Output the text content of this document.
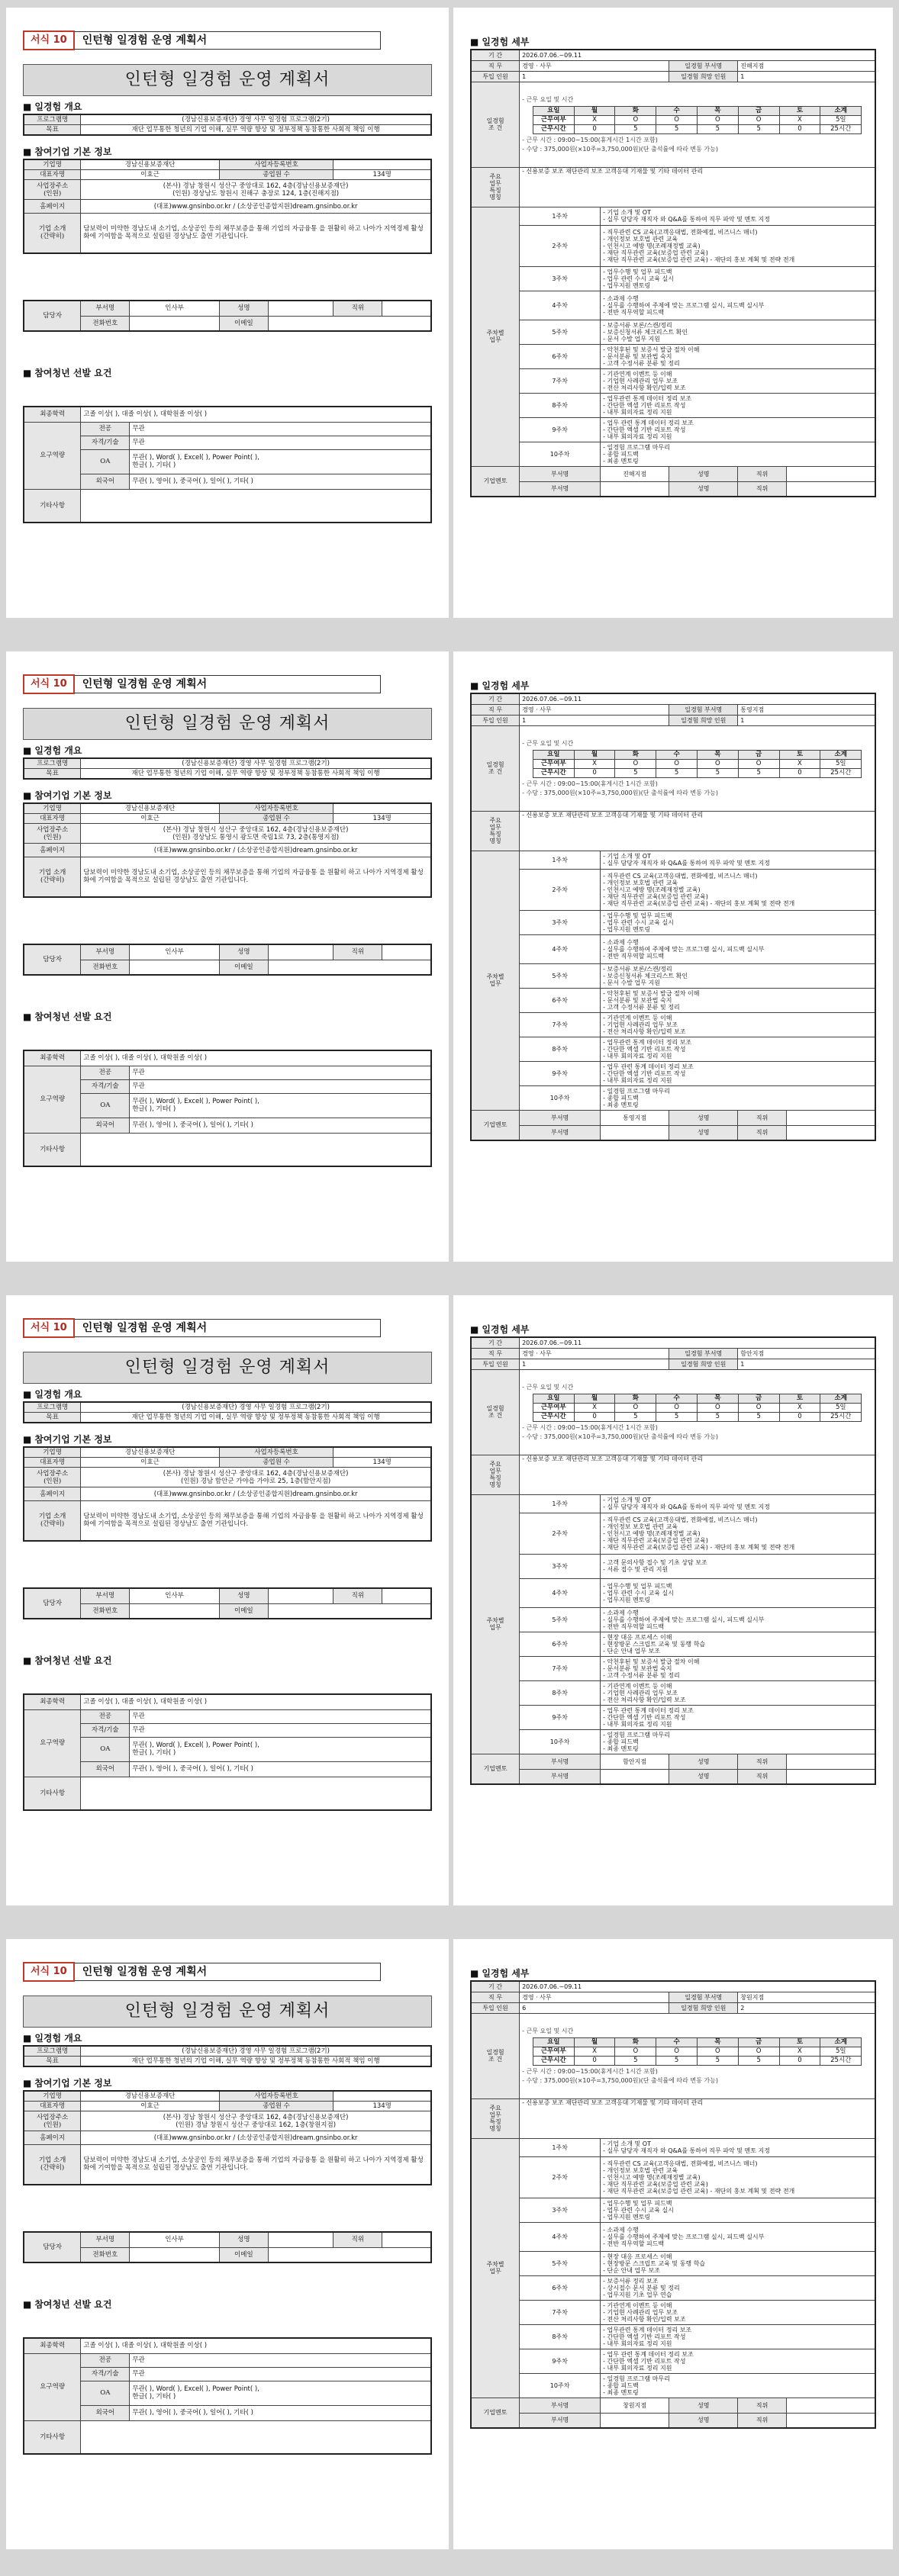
서식 10	인턴형 일경험 운영 계획서
인턴형 일경험 운영 계획서
■ 일경험 개요
프로그램명	(경남신용보증재단) 경영 사무 일경험 프로그램(2기)
목표	재단 업무통한 청년의 기업 이해, 실무 역량 향상 및 정부정책 동참통한 사회적 책임 이행
■ 참여기업 기본 정보
기업명	경남신용보증재단	사업자등록번호	
대표자명	이효근	종업원 수	134명
사업장주소
(인원)	(본사) 경남 창원시 성산구 중앙대로 162, 4층(경남신용보증재단)
(인원) 경상남도 창원시 진해구 충장로 124, 1층(진해지점)		
홈페이지	(대표)www.gnsinbo.or.kr / (소상공인종합지원)dream.gnsinbo.or.kr		
기업 소개
(간략히)	담보력이 미약한 경남도내 소기업, 소상공인 등의 채무보증을 통해 기업의 자금융통 을 원활히 하고 나아가 지역경제 활성화에 기여함을 목적으로 설립된 경상남도 출연 기관입니다.		
담당자	부서명	인사부	성명		직위	
	전화번호		이메일			
■ 참여청년 선발 요건
최종학력	고졸 이상( ), 대졸 이상( ), 대학원졸 이상( )	
요구역량	전공	무관
	자격/기술	무관
	OA	무관( ), Word( ), Excel( ), Power Point( ),
한글( ), 기타( )
	외국어	무관( ), 영어( ), 중국어( ), 일어( ), 기타( )
기타사항		
■ 일경험 세부
기 간	2026.07.06.~09.11
직 무	경영 · 사무	일경험 부서명	진해지점
투입 인원	1	일경험 희망 인원	1
일경험
조 건	
- 근무 요일 및 시간
요일	월	화	수	목	금	토	소계
근무여부	X	O	O	O	O	X	5일
근무시간	0	5	5	5	5	0	25시간
- 근무 시간 : 09:00~15:00(휴게시간 1시간 포함)
- 수당 : 375,000원(×10주=3,750,000원)(단 출석률에 따라 변동 가능)

주요
업무
특징
명칭	- 신용보증 보조 재단관리 보조 고객응대 기재물 및 기타 데이터 관리
주차별
업무	1주차	- 기업 소개 및 OT
- 실무 담당자 재직자 와 Q&A를 통하여 직무 파악 및 멘토 지정
2주차	- 직무관련 CS 교육(고객응대법, 전화예절, 비즈니스 매너)
- 개인정보 보호법 관련 교육
- 인천시고 예방 명(조례재정별 교육)
- 재단 직무관련 교육(보증업 관련 교육)
- 재단 직무관련 교육(보증업 관련 교육) - 재단의 홍보 계획 및 전략 전개
3주차	- 업무수행 및 업무 피드백
- 업무 관련 수시 교육 실시
- 업무지원 멘토링
4주차	- 소과제 수행
- 실무를 수행하여 주제에 맞는 프로그램 실시, 피드백 실시부
- 전반 직무역할 피드백
5주차	- 보증서류 보론/스캔/정리
- 보증신청서류 체크리스트 확인
- 문서 수발 업무 지원
6주차	- 악천후된 및 보증서 발급 절차 이해
- 문서분류 및 보관법 숙지
- 고객 수정서류 분류 및 정리
7주차	- 기관연계 이벤트 등 이해
- 기업현 사례관리 업무 보조
- 전산 처리사항 확인/입력 보조
8주차	- 업무관련 통계 데이터 정리 보조
- 간단한 엑셀 기반 리포트 작성
- 내부 회의자료 정리 지원
9주차	- 업무 관련 통계 데이터 정리 보조
- 간단한 엑셀 기반 리포트 작성
- 내부 회의자료 정리 지원
10주차	- 일경험 프로그램 마무리
- 종합 피드백
- 최종 멘토링
기업멘토	부서명	진해지점	성명	직위	
부서명		성명	직위	
서식 10	인턴형 일경험 운영 계획서
인턴형 일경험 운영 계획서
■ 일경험 개요
프로그램명	(경남신용보증재단) 경영 사무 일경험 프로그램(2기)
목표	재단 업무통한 청년의 기업 이해, 실무 역량 향상 및 정부정책 동참통한 사회적 책임 이행
■ 참여기업 기본 정보
기업명	경남신용보증재단	사업자등록번호	
대표자명	이효근	종업원 수	134명
사업장주소
(인원)	(본사) 경남 창원시 성산구 중앙대로 162, 4층(경남신용보증재단)
(인원) 경상남도 통영시 광도면 죽림1로 73, 2층(통영지점)		
홈페이지	(대표)www.gnsinbo.or.kr / (소상공인종합지원)dream.gnsinbo.or.kr		
기업 소개
(간략히)	담보력이 미약한 경남도내 소기업, 소상공인 등의 채무보증을 통해 기업의 자금융통 을 원활히 하고 나아가 지역경제 활성화에 기여함을 목적으로 설립된 경상남도 출연 기관입니다.		
담당자	부서명	인사부	성명		직위	
	전화번호		이메일			
■ 참여청년 선발 요건
최종학력	고졸 이상( ), 대졸 이상( ), 대학원졸 이상( )	
요구역량	전공	무관
	자격/기술	무관
	OA	무관( ), Word( ), Excel( ), Power Point( ),
한글( ), 기타( )
	외국어	무관( ), 영어( ), 중국어( ), 일어( ), 기타( )
기타사항		
■ 일경험 세부
기 간	2026.07.06.~09.11
직 무	경영 · 사무	일경험 부서명	통영지점
투입 인원	1	일경험 희망 인원	1
일경험
조 건	
- 근무 요일 및 시간
요일	월	화	수	목	금	토	소계
근무여부	X	O	O	O	O	X	5일
근무시간	0	5	5	5	5	0	25시간
- 근무 시간 : 09:00~15:00(휴게시간 1시간 포함)
- 수당 : 375,000원(×10주=3,750,000원)(단 출석률에 따라 변동 가능)

주요
업무
특징
명칭	- 신용보증 보조 재단관리 보조 고객응대 기재물 및 기타 데이터 관리
주차별
업무	1주차	- 기업 소개 및 OT
- 실무 담당자 재직자 와 Q&A를 통하여 직무 파악 및 멘토 지정
2주차	- 직무관련 CS 교육(고객응대법, 전화예절, 비즈니스 매너)
- 개인정보 보호법 관련 교육
- 인천시고 예방 명(조례재정별 교육)
- 재단 직무관련 교육(보증업 관련 교육)
- 재단 직무관련 교육(보증업 관련 교육) - 재단의 홍보 계획 및 전략 전개
3주차	- 업무수행 및 업무 피드백
- 업무 관련 수시 교육 실시
- 업무지원 멘토링
4주차	- 소과제 수행
- 실무를 수행하여 주제에 맞는 프로그램 실시, 피드백 실시부
- 전반 직무역할 피드백
5주차	- 보증서류 보론/스캔/정리
- 보증신청서류 체크리스트 확인
- 문서 수발 업무 지원
6주차	- 악천후된 및 보증서 발급 절차 이해
- 문서분류 및 보관법 숙지
- 고객 수정서류 분류 및 정리
7주차	- 기관연계 이벤트 등 이해
- 기업현 사례관리 업무 보조
- 전산 처리사항 확인/입력 보조
8주차	- 업무관련 통계 데이터 정리 보조
- 간단한 엑셀 기반 리포트 작성
- 내부 회의자료 정리 지원
9주차	- 업무 관련 통계 데이터 정리 보조
- 간단한 엑셀 기반 리포트 작성
- 내부 회의자료 정리 지원
10주차	- 일경험 프로그램 마무리
- 종합 피드백
- 최종 멘토링
기업멘토	부서명	통영지점	성명	직위	
부서명		성명	직위	
서식 10	인턴형 일경험 운영 계획서
인턴형 일경험 운영 계획서
■ 일경험 개요
프로그램명	(경남신용보증재단) 경영 사무 일경험 프로그램(2기)
목표	재단 업무통한 청년의 기업 이해, 실무 역량 향상 및 정부정책 동참통한 사회적 책임 이행
■ 참여기업 기본 정보
기업명	경남신용보증재단	사업자등록번호	
대표자명	이효근	종업원 수	134명
사업장주소
(인원)	(본사) 경남 창원시 성산구 중앙대로 162, 4층(경남신용보증재단)
(인원) 경남 함안군 가야읍 가야로 25, 1층(함안지점)		
홈페이지	(대표)www.gnsinbo.or.kr / (소상공인종합지원)dream.gnsinbo.or.kr		
기업 소개
(간략히)	담보력이 미약한 경남도내 소기업, 소상공인 등의 채무보증을 통해 기업의 자금융통 을 원활히 하고 나아가 지역경제 활성화에 기여함을 목적으로 설립된 경상남도 출연 기관입니다.		
담당자	부서명	인사부	성명		직위	
	전화번호		이메일			
■ 참여청년 선발 요건
최종학력	고졸 이상( ), 대졸 이상( ), 대학원졸 이상( )	
요구역량	전공	무관
	자격/기술	무관
	OA	무관( ), Word( ), Excel( ), Power Point( ),
한글( ), 기타( )
	외국어	무관( ), 영어( ), 중국어( ), 일어( ), 기타( )
기타사항		
■ 일경험 세부
기 간	2026.07.06.~09.11
직 무	경영 · 사무	일경험 부서명	함안지점
투입 인원	1	일경험 희망 인원	1
일경험
조 건	
- 근무 요일 및 시간
요일	월	화	수	목	금	토	소계
근무여부	X	O	O	O	O	X	5일
근무시간	0	5	5	5	5	0	25시간
- 근무 시간 : 09:00~15:00(휴게시간 1시간 포함)
- 수당 : 375,000원(×10주=3,750,000원)(단 출석률에 따라 변동 가능)

주요
업무
특징
명칭	- 신용보증 보조 재단관리 보조 고객응대 기재물 및 기타 데이터 관리
주차별
업무	1주차	- 기업 소개 및 OT
- 실무 담당자 재직자 와 Q&A를 통하여 직무 파악 및 멘토 지정
2주차	- 직무관련 CS 교육(고객응대법, 전화예절, 비즈니스 매너)
- 개인정보 보호법 관련 교육
- 인천시고 예방 명(조례재정별 교육)
- 재단 직무관련 교육(보증업 관련 교육)
- 재단 직무관련 교육(보증업 관련 교육) - 재단의 홍보 계획 및 전략 전개
3주차	- 고객 문의사항 접수 및 기초 상담 보조
- 서류 접수 및 관리 지원
4주차	- 업무수행 및 업무 피드백
- 업무 관련 수시 교육 실시
- 업무지원 멘토링
5주차	- 소과제 수행
- 실무를 수행하여 주제에 맞는 프로그램 실시, 피드백 실시부
- 전반 직무역할 피드백
6주차	- 현장 대응 프로세스 이해
- 현장방문 스크립트 교육 및 동행 학습
- 단순 안내 업무 보조
7주차	- 악천후된 및 보증서 발급 절차 이해
- 문서분류 및 보관법 숙지
- 고객 수정서류 분류 및 정리
8주차	- 기관연계 이벤트 등 이해
- 기업현 사례관리 업무 보조
- 전산 처리사항 확인/입력 보조
9주차	- 업무 관련 통계 데이터 정리 보조
- 간단한 엑셀 기반 리포트 작성
- 내부 회의자료 정리 지원
10주차	- 일경험 프로그램 마무리
- 종합 피드백
- 최종 멘토링
기업멘토	부서명	함안지점	성명	직위	
부서명		성명	직위	
서식 10	인턴형 일경험 운영 계획서
인턴형 일경험 운영 계획서
■ 일경험 개요
프로그램명	(경남신용보증재단) 경영 사무 일경험 프로그램(2기)
목표	재단 업무통한 청년의 기업 이해, 실무 역량 향상 및 정부정책 동참통한 사회적 책임 이행
■ 참여기업 기본 정보
기업명	경남신용보증재단	사업자등록번호	
대표자명	이효근	종업원 수	134명
사업장주소
(인원)	(본사) 경남 창원시 성산구 중앙대로 162, 4층(경남신용보증재단)
(인원) 경남 창원시 성산구 중앙대로 162, 1층(창원지점)		
홈페이지	(대표)www.gnsinbo.or.kr / (소상공인종합지원)dream.gnsinbo.or.kr		
기업 소개
(간략히)	담보력이 미약한 경남도내 소기업, 소상공인 등의 채무보증을 통해 기업의 자금융통 을 원활히 하고 나아가 지역경제 활성화에 기여함을 목적으로 설립된 경상남도 출연 기관입니다.		
담당자	부서명	인사부	성명		직위	
	전화번호		이메일			
■ 참여청년 선발 요건
최종학력	고졸 이상( ), 대졸 이상( ), 대학원졸 이상( )	
요구역량	전공	무관
	자격/기술	무관
	OA	무관( ), Word( ), Excel( ), Power Point( ),
한글( ), 기타( )
	외국어	무관( ), 영어( ), 중국어( ), 일어( ), 기타( )
기타사항		
■ 일경험 세부
기 간	2026.07.06.~09.11
직 무	경영 · 사무	일경험 부서명	창원지점
투입 인원	6	일경험 희망 인원	2
일경험
조 건	
- 근무 요일 및 시간
요일	월	화	수	목	금	토	소계
근무여부	X	O	O	O	O	X	5일
근무시간	0	5	5	5	5	0	25시간
- 근무 시간 : 09:00~15:00(휴게시간 1시간 포함)
- 수당 : 375,000원(×10주=3,750,000원)(단 출석률에 따라 변동 가능)

주요
업무
특징
명칭	- 신용보증 보조 재단관리 보조 고객응대 기재물 및 기타 데이터 관리
주차별
업무	1주차	- 기업 소개 및 OT
- 실무 담당자 재직자 와 Q&A를 통하여 직무 파악 및 멘토 지정
2주차	- 직무관련 CS 교육(고객응대법, 전화예절, 비즈니스 매너)
- 개인정보 보호법 관련 교육
- 인천시고 예방 명(조례재정별 교육)
- 재단 직무관련 교육(보증업 관련 교육)
- 재단 직무관련 교육(보증업 관련 교육) - 재단의 홍보 계획 및 전략 전개
3주차	- 업무수행 및 업무 피드백
- 업무 관련 수시 교육 실시
- 업무지원 멘토링
4주차	- 소과제 수행
- 실무를 수행하여 주제에 맞는 프로그램 실시, 피드백 실시부
- 전반 직무역할 피드백
5주차	- 현장 대응 프로세스 이해
- 현장방문 스크립트 교육 및 동행 학습
- 단순 안내 업무 보조
6주차	- 보증서류 정리 보조
- 상시접수 문서 분류 및 정리
- 업무지원 기초 업무 연습
7주차	- 기관연계 이벤트 등 이해
- 기업현 사례관리 업무 보조
- 전산 처리사항 확인/입력 보조
8주차	- 업무관련 통계 데이터 정리 보조
- 간단한 엑셀 기반 리포트 작성
- 내부 회의자료 정리 지원
9주차	- 업무 관련 통계 데이터 정리 보조
- 간단한 엑셀 기반 리포트 작성
- 내부 회의자료 정리 지원
10주차	- 일경험 프로그램 마무리
- 종합 피드백
- 최종 멘토링
기업멘토	부서명	창원지점	성명	직위	
부서명		성명	직위	
